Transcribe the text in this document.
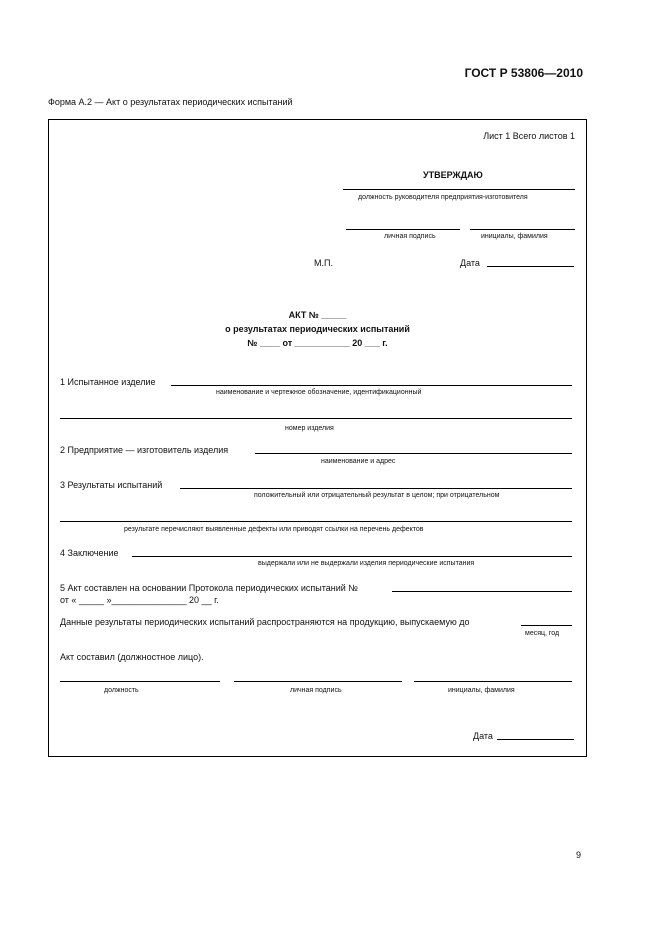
ГОСТ Р 53806—2010
Форма А.2 — Акт о результатах периодических испытаний
Лист 1 Всего листов 1
УТВЕРЖДАЮ
должность руководителя предприятия-изготовителя
личная подпись	инициалы, фамилия
М.П.	Дата
АКТ № _____
о результатах периодических испытаний
№ ____ от ___________ 20 ___ г.
1 Испытанное изделие
наименование и чертежное обозначение, идентификационный
номер изделия
2 Предприятие — изготовитель изделия
наименование и адрес
3 Результаты испытаний
положительный или отрицательный результат в целом; при отрицательном
результате перечисляют выявленные дефекты или приводят ссылки на перечень дефектов
4 Заключение
выдержали или не выдержали изделия периодические испытания
5 Акт составлен на основании Протокола периодических испытаний №
от « _____ »_______________ 20 __ г.
Данные результаты периодических испытаний распространяются на продукцию, выпускаемую до
месяц, год
Акт составил (должностное лицо).
должность	личная подпись	инициалы, фамилия
Дата
9
